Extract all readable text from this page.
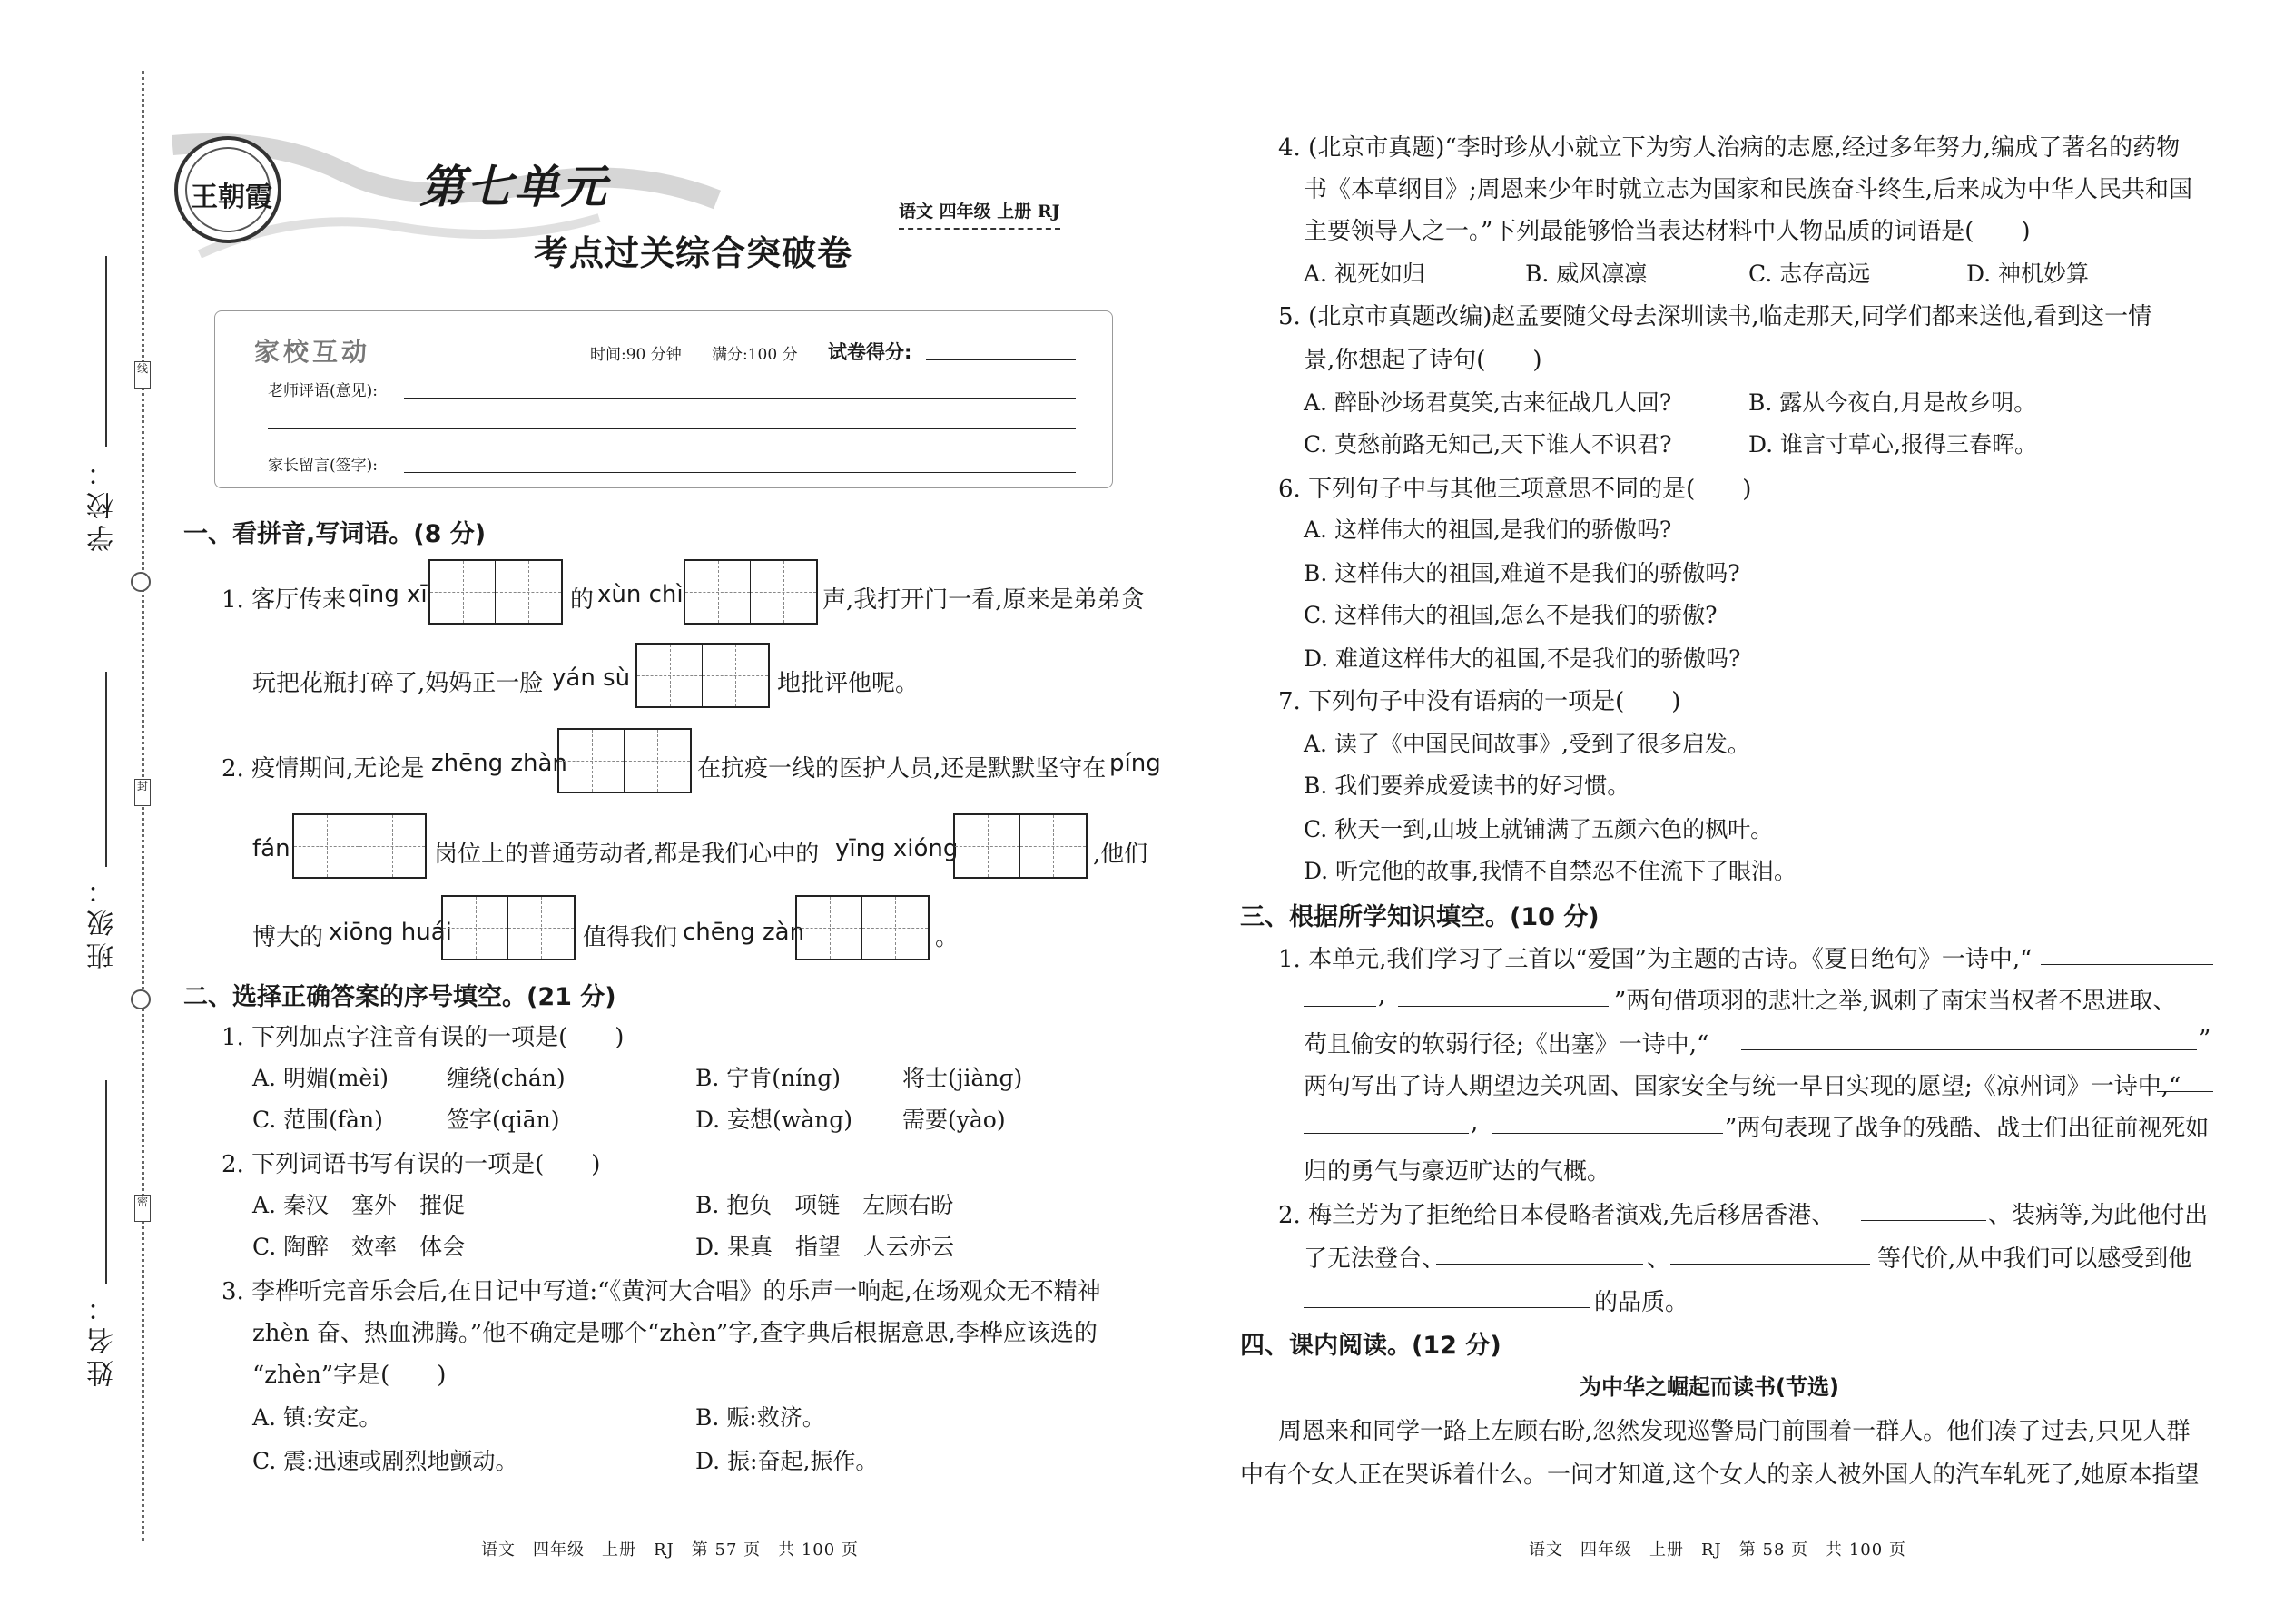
学校：
班级：
姓名：
线
封
密
王朝霞	第七单元
考点过关综合突破卷
语文 四年级 上册 RJ
家校互动	时间:90 分钟 满分:100 分 试卷得分:
老师评语(意见):
家长留言(签字):
一、看拼音,写词语。(8 分)
1. 客厅传来 qīng xī	的 xùn chì	声,我打开门一看,原来是弟弟贪
玩把花瓶打碎了,妈妈正一脸 yán sù	地批评他呢。
2. 疫情期间,无论是 zhēng zhàn	在抗疫一线的医护人员,还是默默坚守在 píng
fán	岗位上的普通劳动者,都是我们心中的 yīng xióng	,他们
博大的 xiōng huái	值得我们 chēng zàn	。
二、选择正确答案的序号填空。(21 分)
1. 下列加点字注音有误的一项是(　　)
A. 明媚(mèi)	缠绕(chán)	B. 宁肯(nínɡ)	将士(jiànɡ)
C. 范围(fàn)	签字(qiān)	D. 妄想(wànɡ) 需要(yào)
2. 下列词语书写有误的一项是(　　)
A. 秦汉　塞外　摧促	B. 抱负　项链　左顾右盼
C. 陶醉　效率　体会	D. 果真　指望　人云亦云
3. 李桦听完音乐会后,在日记中写道:“《黄河大合唱》的乐声一响起,在场观众无不精神
zhèn 奋、热血沸腾。”他不确定是哪个“zhèn”字,查字典后根据意思,李桦应该选的
“zhèn”字是(　　)
A. 镇:安定。	B. 赈:救济。
C. 震:迅速或剧烈地颤动。	D. 振:奋起,振作。
语文　四年级　上册　RJ　第 57 页　共 100 页
4. (北京市真题)“李时珍从小就立下为穷人治病的志愿,经过多年努力,编成了著名的药物
书《本草纲目》;周恩来少年时就立志为国家和民族奋斗终生,后来成为中华人民共和国
主要领导人之一。”下列最能够恰当表达材料中人物品质的词语是(　　)
A. 视死如归	B. 威风凛凛	C. 志存高远	D. 神机妙算
5. (北京市真题改编)赵孟要随父母去深圳读书,临走那天,同学们都来送他,看到这一情
景,你想起了诗句(　　)
A. 醉卧沙场君莫笑,古来征战几人回?	B. 露从今夜白,月是故乡明。
C. 莫愁前路无知己,天下谁人不识君?	D. 谁言寸草心,报得三春晖。
6. 下列句子中与其他三项意思不同的是(　　)
A. 这样伟大的祖国,是我们的骄傲吗?
B. 这样伟大的祖国,难道不是我们的骄傲吗?
C. 这样伟大的祖国,怎么不是我们的骄傲?
D. 难道这样伟大的祖国,不是我们的骄傲吗?
7. 下列句子中没有语病的一项是(　　)
A. 读了《中国民间故事》,受到了很多启发。
B. 我们要养成爱读书的好习惯。
C. 秋天一到,山坡上就铺满了五颜六色的枫叶。
D. 听完他的故事,我情不自禁忍不住流下了眼泪。
三、根据所学知识填空。(10 分)
1. 本单元,我们学习了三首以“爱国”为主题的古诗。《夏日绝句》一诗中,“
,	”两句借项羽的悲壮之举,讽刺了南宋当权者不思进取、
苟且偷安的软弱行径;《出塞》一诗中,“	”
两句写出了诗人期望边关巩固、国家安全与统一早日实现的愿望;《凉州词》一诗中,“
,	”两句表现了战争的残酷、战士们出征前视死如
归的勇气与豪迈旷达的气概。
2. 梅兰芳为了拒绝给日本侵略者演戏,先后移居香港、	、装病等,为此他付出
了无法登台、	、	等代价,从中我们可以感受到他
的品质。
四、课内阅读。(12 分)
为中华之崛起而读书(节选)
周恩来和同学一路上左顾右盼,忽然发现巡警局门前围着一群人。他们凑了过去,只见人群
中有个女人正在哭诉着什么。一问才知道,这个女人的亲人被外国人的汽车轧死了,她原本指望
语文　四年级　上册　RJ　第 58 页　共 100 页
